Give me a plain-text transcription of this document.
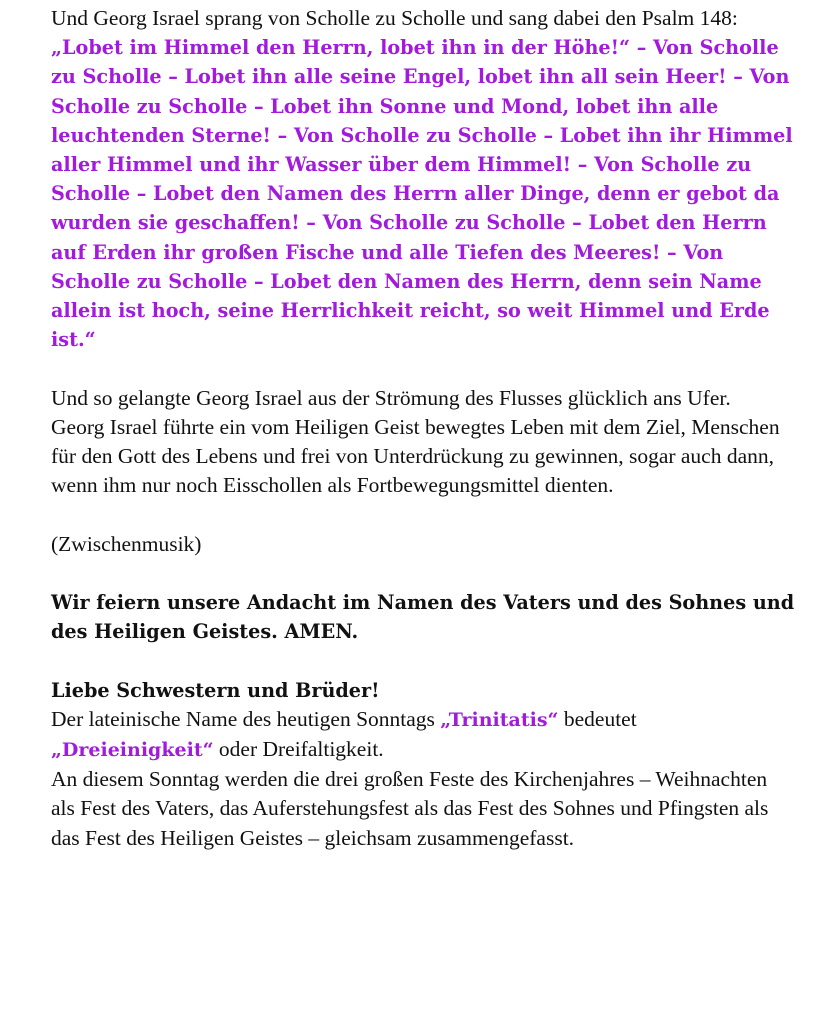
Und Georg Israel sprang von Scholle zu Scholle und sang dabei den Psalm 148:

„Lobet im Himmel den Herrn, lobet ihn in der Höhe!“ – Von Scholle zu Scholle – Lobet ihn alle seine Engel, lobet ihn all sein Heer! – Von Scholle zu Scholle – Lobet ihn Sonne und Mond, lobet ihn alle leuchtenden Sterne! – Von Scholle zu Scholle – Lobet ihn ihr Himmel aller Himmel und ihr Wasser über dem Himmel! – Von Scholle zu Scholle – Lobet den Namen des Herrn aller Dinge, denn er gebot da wurden sie geschaffen! – Von Scholle zu Scholle – Lobet den Herrn auf Erden ihr großen Fische und alle Tiefen des Meeres! – Von Scholle zu Scholle – Lobet den Namen des Herrn, denn sein Name allein ist hoch, seine Herrlichkeit reicht, so weit Himmel und Erde ist.“

Und so gelangte Georg Israel aus der Strömung des Flusses glücklich ans Ufer.

Georg Israel führte ein vom Heiligen Geist bewegtes Leben mit dem Ziel, Menschen für den Gott des Lebens und frei von Unterdrückung zu gewinnen, sogar auch dann, wenn ihm nur noch Eisschollen als Fortbewegungsmittel dienten.

(Zwischenmusik)

Wir feiern unsere Andacht im Namen des Vaters und des Sohnes und des Heiligen Geistes. AMEN.

Liebe Schwestern und Brüder!

Der lateinische Name des heutigen Sonntags „Trinitatis“ bedeutet „Dreieinigkeit“ oder Dreifaltigkeit.

An diesem Sonntag werden die drei großen Feste des Kirchenjahres – Weihnachten als Fest des Vaters, das Auferstehungsfest als das Fest des Sohnes und Pfingsten als das Fest des Heiligen Geistes – gleichsam zusammengefasst.
